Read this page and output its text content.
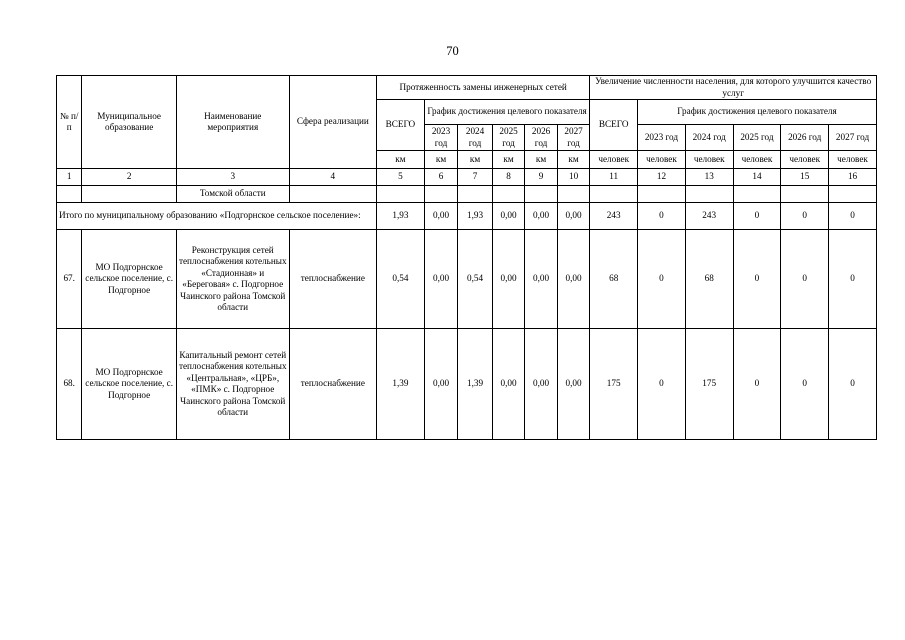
70
№ п/п	Муниципальное образование	Наименование мероприятия	Сфера реализации	Протяженность замены инженерных сетей						Увеличение численности населения, для которого улучшится качество услуг					
				ВСЕГО	График достижения целевого показателя					ВСЕГО	График достижения целевого показателя				
					2023 год	2024 год	2025 год	2026 год	2027 год		2023 год	2024 год	2025 год	2026 год	2027 год
				км	км	км	км	км	км	человек	человек	человек	человек	человек	человек
1	2	3	4	5	6	7	8	9	10	11	12	13	14	15	16
		Томской области													
Итого по муниципальному образованию «Подгорнское сельское поселение»:				1,93	0,00	1,93	0,00	0,00	0,00	243	0	243	0	0	0
67.	МО Подгорнское сельское поселение, с. Подгорное	Реконструкция сетей теплоснабжения котельных «Стадионная» и «Береговая» с. Подгорное Чаинского района Томской области	теплоснабжение	0,54	0,00	0,54	0,00	0,00	0,00	68	0	68	0	0	0
68.	МО Подгорнское сельское поселение, с. Подгорное	Капитальный ремонт сетей теплоснабжения котельных «Центральная», «ЦРБ», «ПМК» с. Подгорное Чаинского района Томской области	теплоснабжение	1,39	0,00	1,39	0,00	0,00	0,00	175	0	175	0	0	0
